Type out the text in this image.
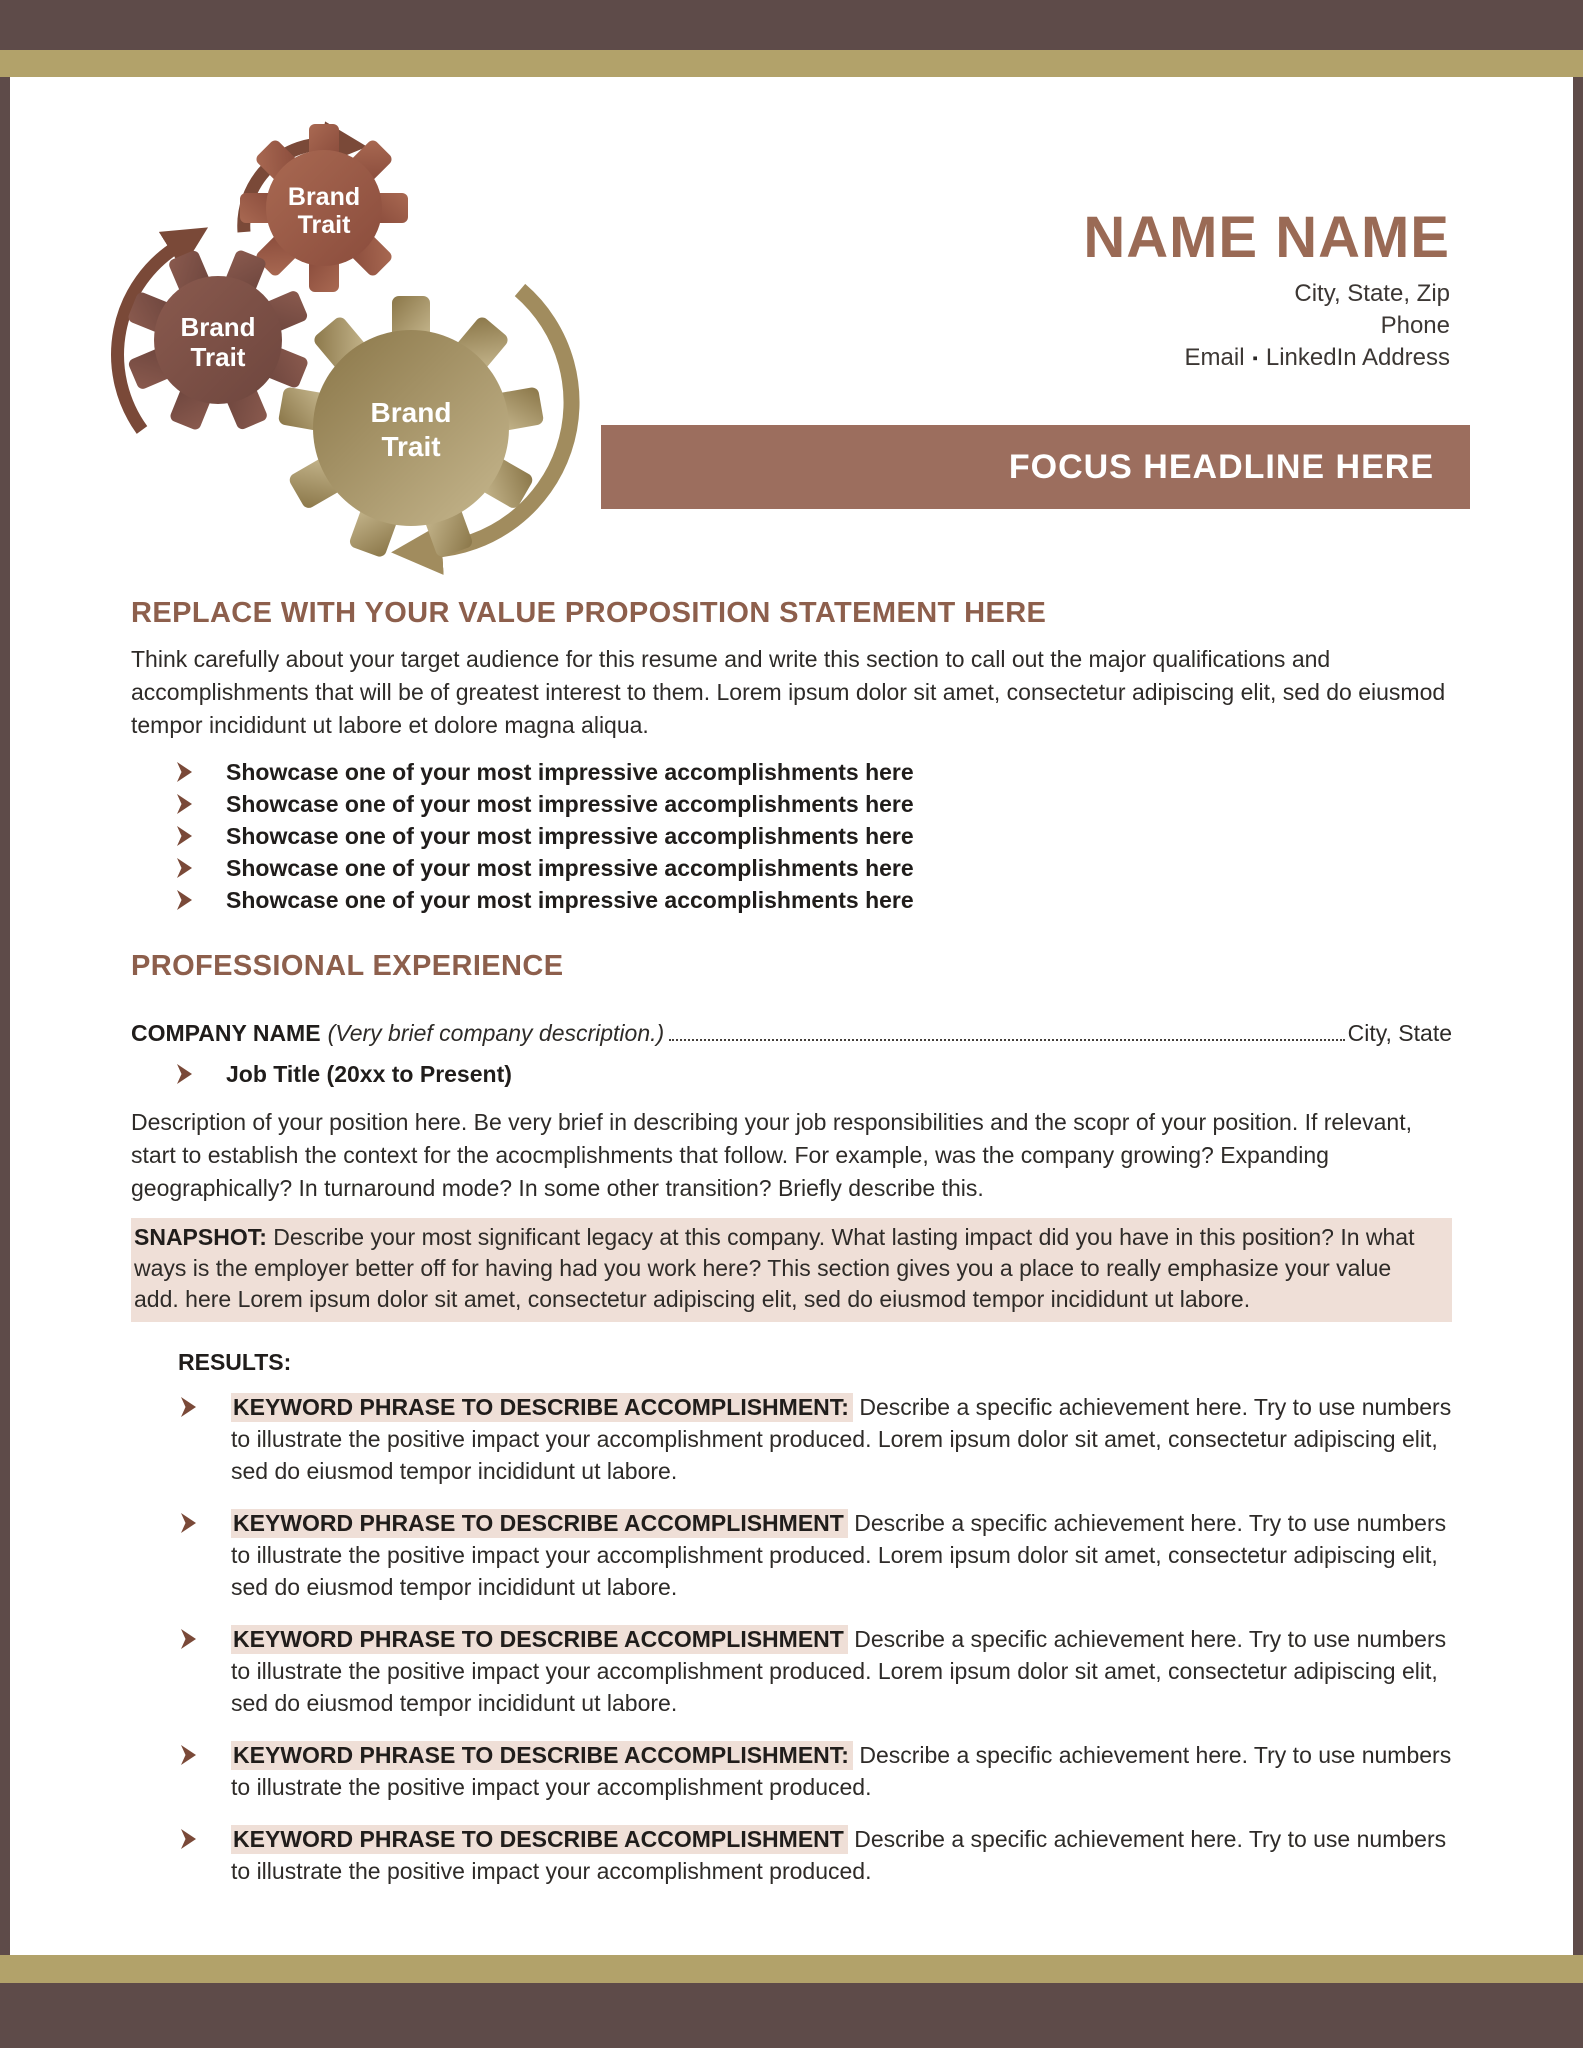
Brand
Trait
Brand
Trait
Brand
Trait
NAME NAME
City, State, Zip
Phone
Email ▪ LinkedIn Address
FOCUS HEADLINE HERE
REPLACE WITH YOUR VALUE PROPOSITION STATEMENT HERE

Think carefully about your target audience for this resume and write this section to call out the major qualifications and accomplishments that will be of greatest interest to them. Lorem ipsum dolor sit amet, consectetur adipiscing elit, sed do eiusmod tempor incididunt ut labore et dolore magna aliqua.

Showcase one of your most impressive accomplishments here
Showcase one of your most impressive accomplishments here
Showcase one of your most impressive accomplishments here
Showcase one of your most impressive accomplishments here
Showcase one of your most impressive accomplishments here
PROFESSIONAL EXPERIENCE
COMPANY NAME (Very brief company description.)	City, State
Job Title (20xx to Present)

Description of your position here. Be very brief in describing your job responsibilities and the scopr of your position. If relevant, start to establish the context for the acocmplishments that follow. For example, was the company growing? Expanding geographically? In turnaround mode? In some other transition? Briefly describe this.

SNAPSHOT: Describe your most significant legacy at this company. What lasting impact did you have in this position? In what ways is the employer better off for having had you work here? This section gives you a place to really emphasize your value add. here Lorem ipsum dolor sit amet, consectetur adipiscing elit, sed do eiusmod tempor incididunt ut labore.

RESULTS:
KEYWORD PHRASE TO DESCRIBE ACCOMPLISHMENT: Describe a specific achievement here. Try to use numbers to illustrate the positive impact your accomplishment produced. Lorem ipsum dolor sit amet, consectetur adipiscing elit, sed do eiusmod tempor incididunt ut labore.
KEYWORD PHRASE TO DESCRIBE ACCOMPLISHMENT Describe a specific achievement here. Try to use numbers to illustrate the positive impact your accomplishment produced. Lorem ipsum dolor sit amet, consectetur adipiscing elit, sed do eiusmod tempor incididunt ut labore.
KEYWORD PHRASE TO DESCRIBE ACCOMPLISHMENT Describe a specific achievement here. Try to use numbers to illustrate the positive impact your accomplishment produced. Lorem ipsum dolor sit amet, consectetur adipiscing elit, sed do eiusmod tempor incididunt ut labore.
KEYWORD PHRASE TO DESCRIBE ACCOMPLISHMENT: Describe a specific achievement here. Try to use numbers to illustrate the positive impact your accomplishment produced.
KEYWORD PHRASE TO DESCRIBE ACCOMPLISHMENT Describe a specific achievement here. Try to use numbers to illustrate the positive impact your accomplishment produced.
